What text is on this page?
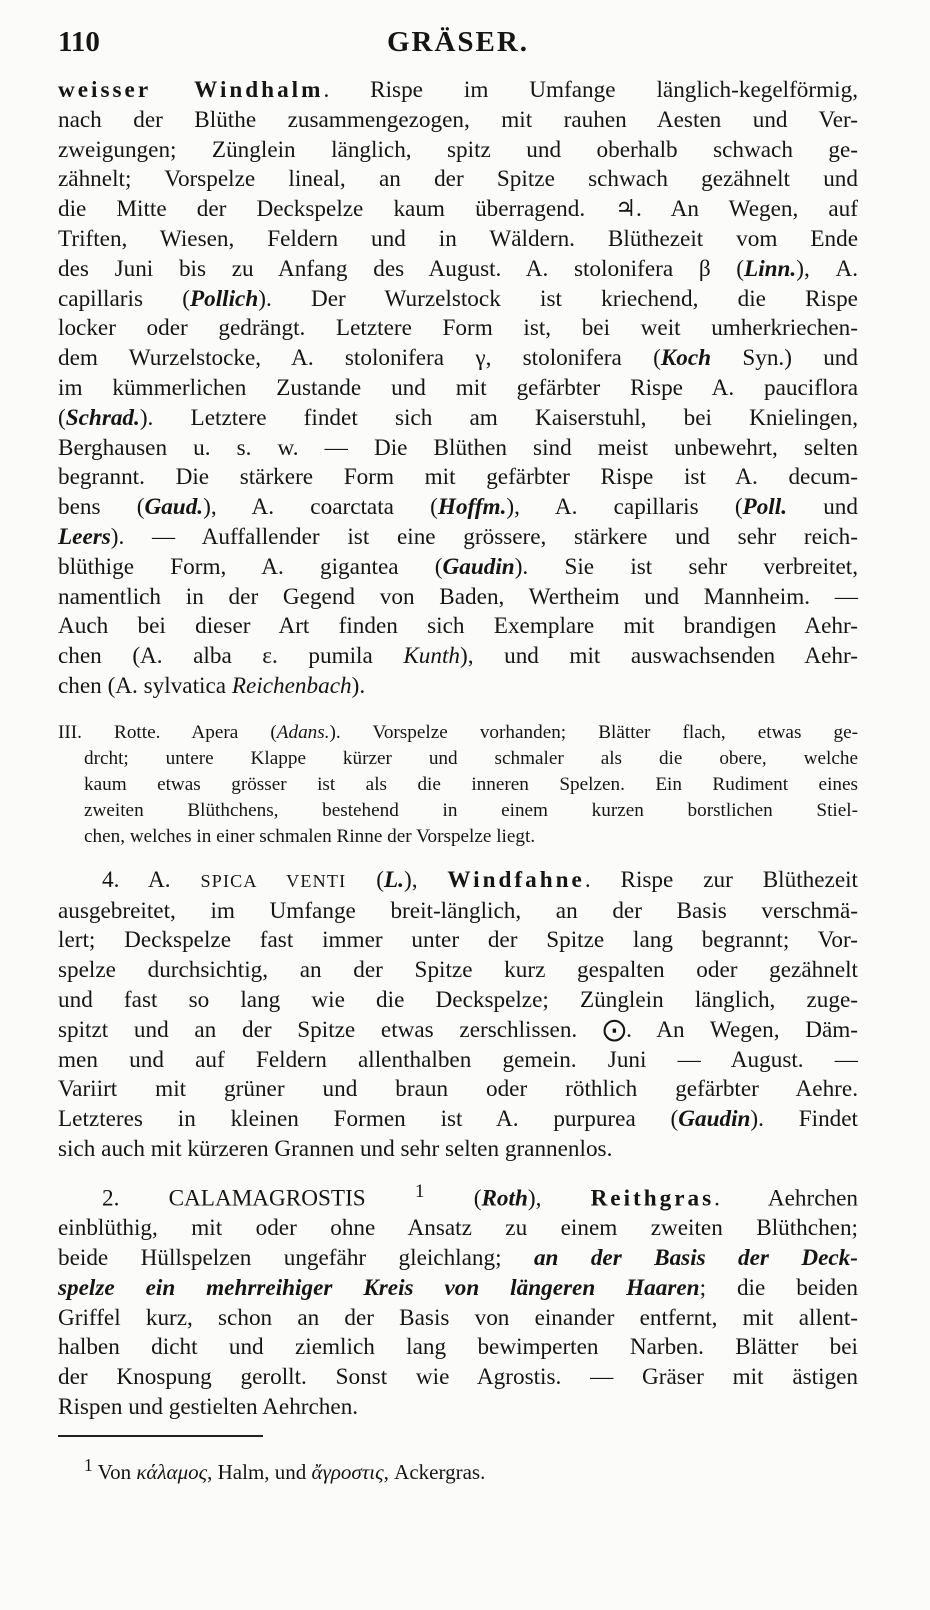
110	GRÄSER.
weisser Windhalm. Rispe im Umfange länglich-kegelförmig,
nach der Blüthe zusammengezogen, mit rauhen Aesten und Ver-
zweigungen; Zünglein länglich, spitz und oberhalb schwach ge-
zähnelt; Vorspelze lineal, an der Spitze schwach gezähnelt und
die Mitte der Deckspelze kaum überragend. ♃. An Wegen, auf
Triften, Wiesen, Feldern und in Wäldern. Blüthezeit vom Ende
des Juni bis zu Anfang des August. A. stolonifera β (Linn.), A.
capillaris (Pollich). Der Wurzelstock ist kriechend, die Rispe
locker oder gedrängt. Letztere Form ist, bei weit umherkriechen-
dem Wurzelstocke, A. stolonifera γ, stolonifera (Koch Syn.) und
im kümmerlichen Zustande und mit gefärbter Rispe A. pauciflora
(Schrad.). Letztere findet sich am Kaiserstuhl, bei Knielingen,
Berghausen u. s. w. — Die Blüthen sind meist unbewehrt, selten
begrannt. Die stärkere Form mit gefärbter Rispe ist A. decum-
bens (Gaud.), A. coarctata (Hoffm.), A. capillaris (Poll. und
Leers). — Auffallender ist eine grössere, stärkere und sehr reich-
blüthige Form, A. gigantea (Gaudin). Sie ist sehr verbreitet,
namentlich in der Gegend von Baden, Wertheim und Mannheim. —
Auch bei dieser Art finden sich Exemplare mit brandigen Aehr-
chen (A. alba ε. pumila Kunth), und mit auswachsenden Aehr-
chen (A. sylvatica Reichenbach).
III. Rotte. Apera (Adans.). Vorspelze vorhanden; Blätter flach, etwas ge-
drcht; untere Klappe kürzer und schmaler als die obere, welche
kaum etwas grösser ist als die inneren Spelzen. Ein Rudiment eines
zweiten Blüthchens, bestehend in einem kurzen borstlichen Stiel-
chen, welches in einer schmalen Rinne der Vorspelze liegt.
4. A. SPICA VENTI (L.), Windfahne. Rispe zur Blüthezeit
ausgebreitet, im Umfange breit-länglich, an der Basis verschmä-
lert; Deckspelze fast immer unter der Spitze lang begrannt; Vor-
spelze durchsichtig, an der Spitze kurz gespalten oder gezähnelt
und fast so lang wie die Deckspelze; Zünglein länglich, zuge-
spitzt und an der Spitze etwas zerschlissen. ⨀. An Wegen, Däm-
men und auf Feldern allenthalben gemein. Juni — August. —
Variirt mit grüner und braun oder röthlich gefärbter Aehre.
Letzteres in kleinen Formen ist A. purpurea (Gaudin). Findet
sich auch mit kürzeren Grannen und sehr selten grannenlos.
2. CALAMAGROSTIS $^1$ (Roth), Reithgras. Aehrchen
einblüthig, mit oder ohne Ansatz zu einem zweiten Blüthchen;
beide Hüllspelzen ungefähr gleichlang; an der Basis der Deck-
spelze ein mehrreihiger Kreis von längeren Haaren; die beiden
Griffel kurz, schon an der Basis von einander entfernt, mit allent-
halben dicht und ziemlich lang bewimperten Narben. Blätter bei
der Knospung gerollt. Sonst wie Agrostis. — Gräser mit ästigen
Rispen und gestielten Aehrchen.
$^1$ Von κάλαμος, Halm, und ἄγροστις, Ackergras.
